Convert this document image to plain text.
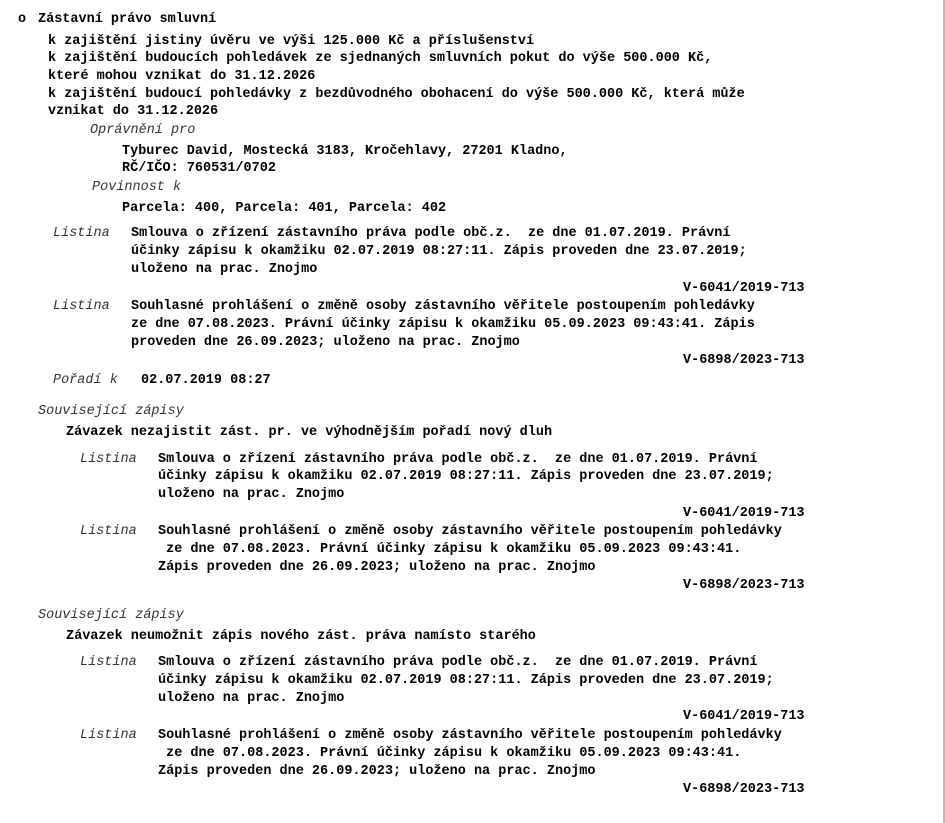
o Zástavní právo smluvní
k zajištění jistiny úvěru ve výši 125.000 Kč a příslušenství
k zajištění budoucích pohledávek ze sjednaných smluvních pokut do výše 500.000 Kč,
které mohou vznikat do 31.12.2026
k zajištění budoucí pohledávky z bezdůvodného obohacení do výše 500.000 Kč, která může
vznikat do 31.12.2026
Oprávnění pro
Tyburec David, Mostecká 3183, Kročehlavy, 27201 Kladno,
RČ/IČO: 760531/0702
Povinnost k
Parcela: 400, Parcela: 401, Parcela: 402
Listina Smlouva o zřízení zástavního práva podle obč.z.  ze dne 01.07.2019. Právní
účinky zápisu k okamžiku 02.07.2019 08:27:11. Zápis proveden dne 23.07.2019;
uloženo na prac. Znojmo
V-6041/2019-713
Listina Souhlasné prohlášení o změně osoby zástavního věřitele postoupením pohledávky
ze dne 07.08.2023. Právní účinky zápisu k okamžiku 05.09.2023 09:43:41. Zápis
proveden dne 26.09.2023; uloženo na prac. Znojmo
V-6898/2023-713
Pořadí k 02.07.2019 08:27
Související zápisy
Závazek nezajistit zást. pr. ve výhodnějším pořadí nový dluh
Listina Smlouva o zřízení zástavního práva podle obč.z.  ze dne 01.07.2019. Právní
účinky zápisu k okamžiku 02.07.2019 08:27:11. Zápis proveden dne 23.07.2019;
uloženo na prac. Znojmo
V-6041/2019-713
Listina Souhlasné prohlášení o změně osoby zástavního věřitele postoupením pohledávky
ze dne 07.08.2023. Právní účinky zápisu k okamžiku 05.09.2023 09:43:41.
Zápis proveden dne 26.09.2023; uloženo na prac. Znojmo
V-6898/2023-713
Související zápisy
Závazek neumožnit zápis nového zást. práva namísto starého
Listina Smlouva o zřízení zástavního práva podle obč.z.  ze dne 01.07.2019. Právní
účinky zápisu k okamžiku 02.07.2019 08:27:11. Zápis proveden dne 23.07.2019;
uloženo na prac. Znojmo
V-6041/2019-713
Listina Souhlasné prohlášení o změně osoby zástavního věřitele postoupením pohledávky
ze dne 07.08.2023. Právní účinky zápisu k okamžiku 05.09.2023 09:43:41.
Zápis proveden dne 26.09.2023; uloženo na prac. Znojmo
V-6898/2023-713
